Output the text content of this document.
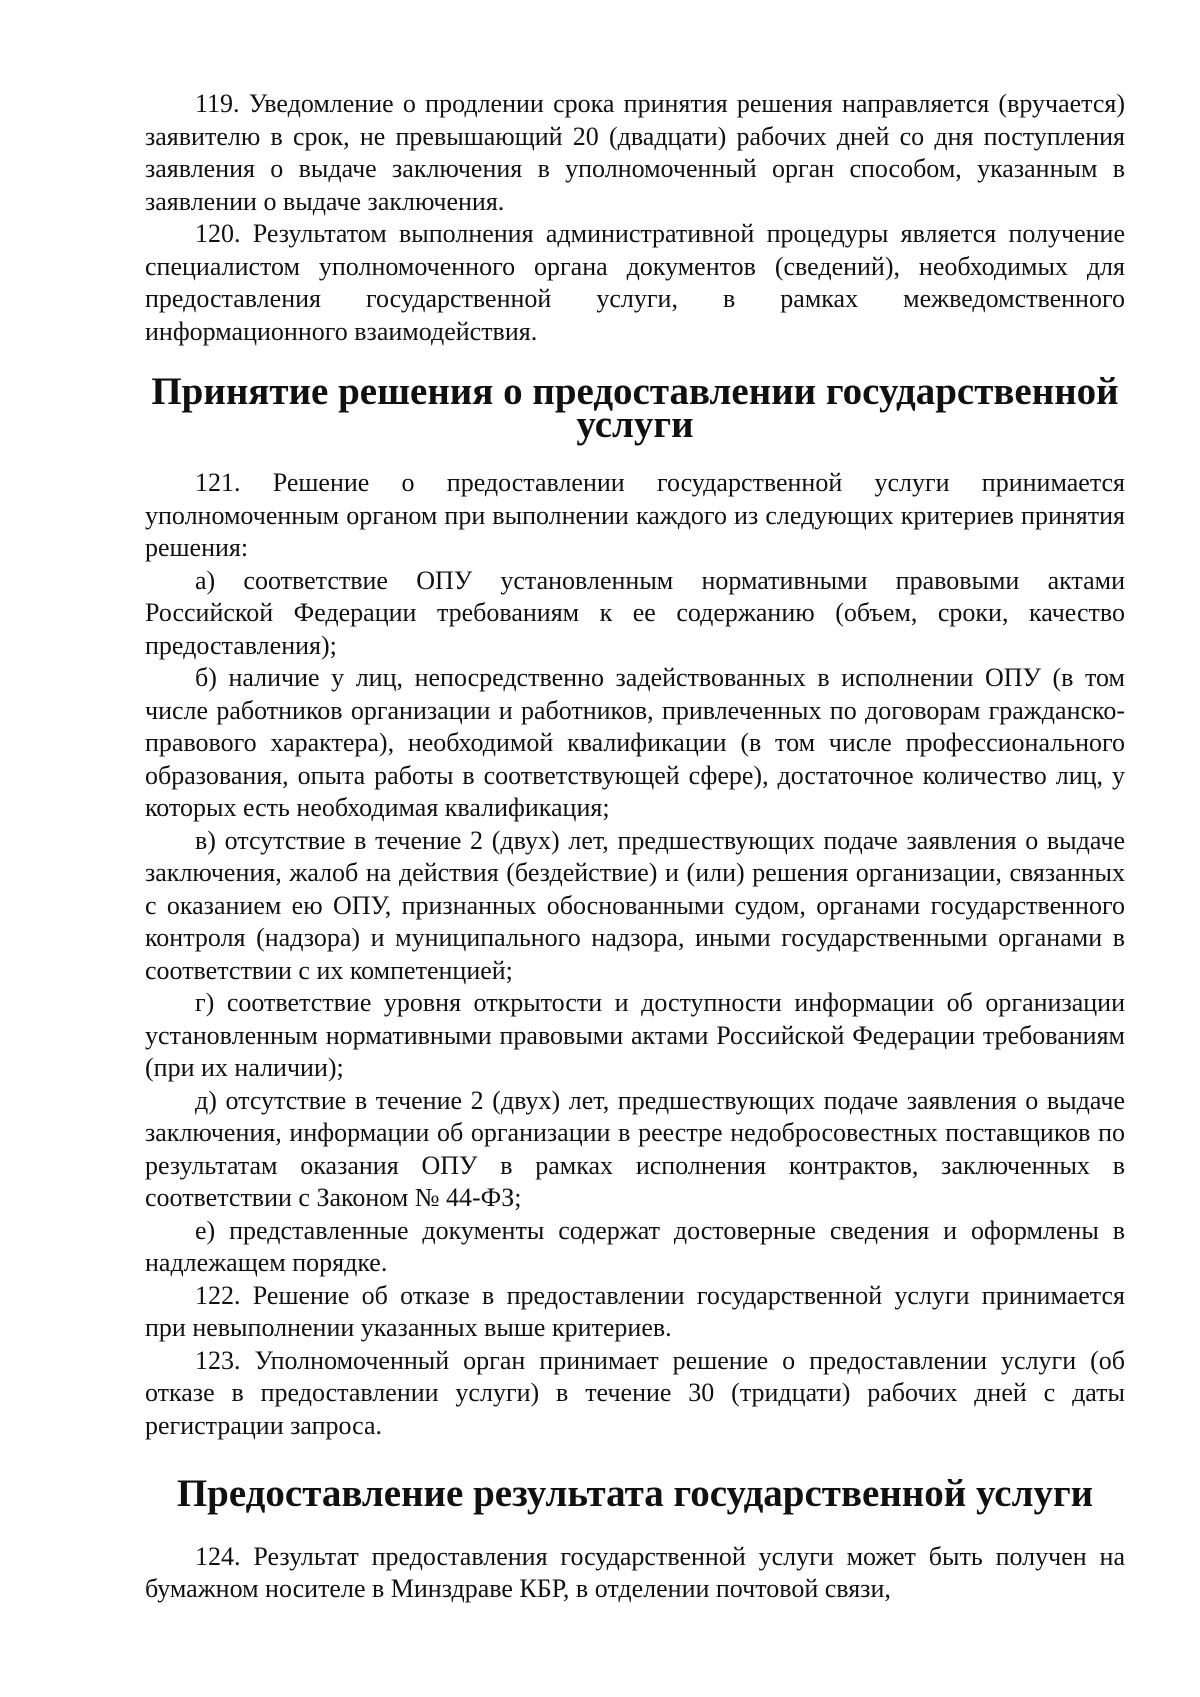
119. Уведомление о продлении срока принятия решения направляется (вручается) заявителю в срок, не превышающий 20 (двадцати) рабочих дней со дня поступления заявления о выдаче заключения в уполномоченный орган способом, указанным в заявлении о выдаче заключения.

120. Результатом выполнения административной процедуры является получение специалистом уполномоченного органа документов (сведений), необходимых для предоставления государственной услуги, в рамках межведомственного информационного взаимодействия.

Принятие решения о предоставлении государственной услуги

121. Решение о предоставлении государственной услуги принимается уполномоченным органом при выполнении каждого из следующих критериев принятия решения:

а) соответствие ОПУ установленным нормативными правовыми актами Российской Федерации требованиям к ее содержанию (объем, сроки, качество предоставления);

б) наличие у лиц, непосредственно задействованных в исполнении ОПУ (в том числе работников организации и работников, привлеченных по договорам гражданско-правового характера), необходимой квалификации (в том числе профессионального образования, опыта работы в соответствующей сфере), достаточное количество лиц, у которых есть необходимая квалификация;

в) отсутствие в течение 2 (двух) лет, предшествующих подаче заявления о выдаче заключения, жалоб на действия (бездействие) и (или) решения организации, связанных с оказанием ею ОПУ, признанных обоснованными судом, органами государственного контроля (надзора) и муниципального надзора, иными государственными органами в соответствии с их компетенцией;

г) соответствие уровня открытости и доступности информации об организации установленным нормативными правовыми актами Российской Федерации требованиям (при их наличии);

д) отсутствие в течение 2 (двух) лет, предшествующих подаче заявления о выдаче заключения, информации об организации в реестре недобросовестных поставщиков по результатам оказания ОПУ в рамках исполнения контрактов, заключенных в соответствии с Законом № 44-ФЗ;

е) представленные документы содержат достоверные сведения и оформлены в надлежащем порядке.

122. Решение об отказе в предоставлении государственной услуги принимается при невыполнении указанных выше критериев.

123. Уполномоченный орган принимает решение о предоставлении услуги (об отказе в предоставлении услуги) в течение 30 (тридцати) рабочих дней с даты регистрации запроса.

Предоставление результата государственной услуги

124. Результат предоставления государственной услуги может быть получен на бумажном носителе в Минздраве КБР, в отделении почтовой связи,
